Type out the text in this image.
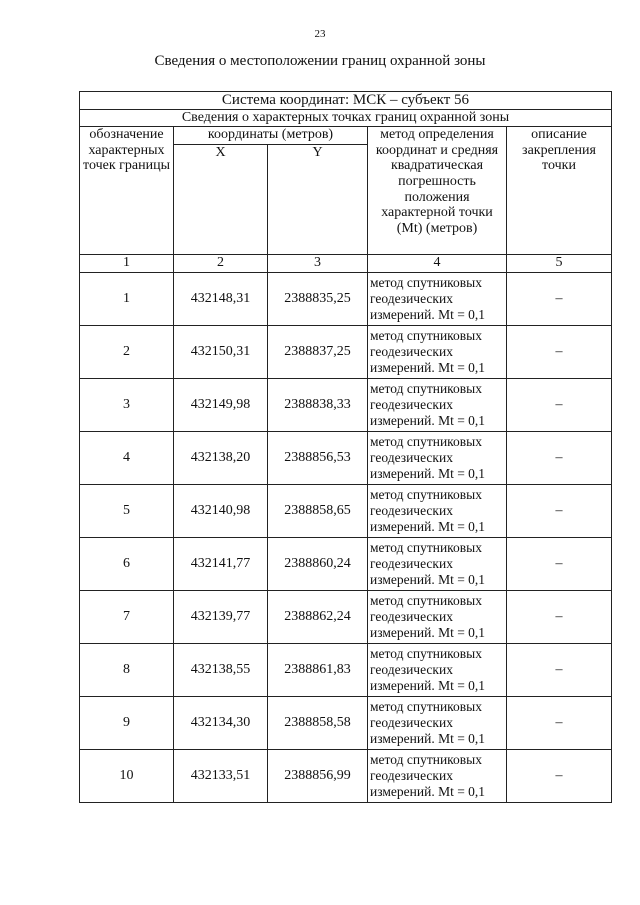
23
Сведения о местоположении границ охранной зоны
Система координат: МСК – субъект 56				
Сведения о характерных точках границ охранной зоны				
обозначение характерных точек границы	координаты (метров)		метод определения координат и средняя квадратическая погрешность положения характерной точки (Mt) (метров)	описание закрепления точки
	X	Y		
1	2	3	4	5
1	432148,31	2388835,25	метод спутниковых геодезических измерений. Mt = 0,1	–
2	432150,31	2388837,25	метод спутниковых геодезических измерений. Mt = 0,1	–
3	432149,98	2388838,33	метод спутниковых геодезических измерений. Mt = 0,1	–
4	432138,20	2388856,53	метод спутниковых геодезических измерений. Mt = 0,1	–
5	432140,98	2388858,65	метод спутниковых геодезических измерений. Mt = 0,1	–
6	432141,77	2388860,24	метод спутниковых геодезических измерений. Mt = 0,1	–
7	432139,77	2388862,24	метод спутниковых геодезических измерений. Mt = 0,1	–
8	432138,55	2388861,83	метод спутниковых геодезических измерений. Mt = 0,1	–
9	432134,30	2388858,58	метод спутниковых геодезических измерений. Mt = 0,1	–
10	432133,51	2388856,99	метод спутниковых геодезических измерений. Mt = 0,1	–
